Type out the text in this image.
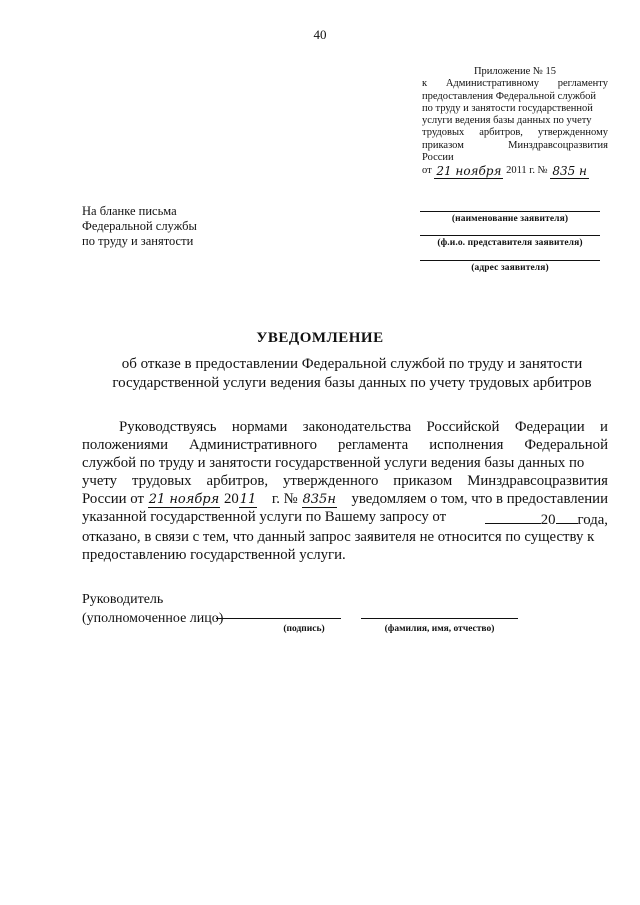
40
Приложение № 15
к Административному регламенту
предоставления Федеральной службой
по труду и занятости государственной
услуги ведения базы данных по учету
трудовых арбитров, утвержденному
приказом	Минздравсоцразвития
России
от
21 ноября
2011 г. №
835 н
На бланке письма
Федеральной службы
по труду и занятости
(наименование заявителя)
(ф.и.о. представителя заявителя)
(адрес заявителя)
УВЕДОМЛЕНИЕ
об отказе в предоставлении Федеральной службой по труду и занятости
государственной услуги ведения базы данных по учету трудовых арбитров
Руководствуясь нормами законодательства Российской Федерации и
положениями Административного регламента исполнения Федеральной
службой по труду и занятости государственной услуги ведения базы данных по
учету трудовых арбитров, утвержденного приказом Минздравсоцразвития
России от 21 ноября 2011 г. № 835н уведомляем о том, что в предоставлении
указанной государственной услуги по Вашему запросу от	20 года,
отказано, в связи с тем, что данный запрос заявителя не относится по существу к
предоставлению государственной услуги.
Руководитель
(уполномоченное лицо)
(подпись)	(фамилия, имя, отчество)
